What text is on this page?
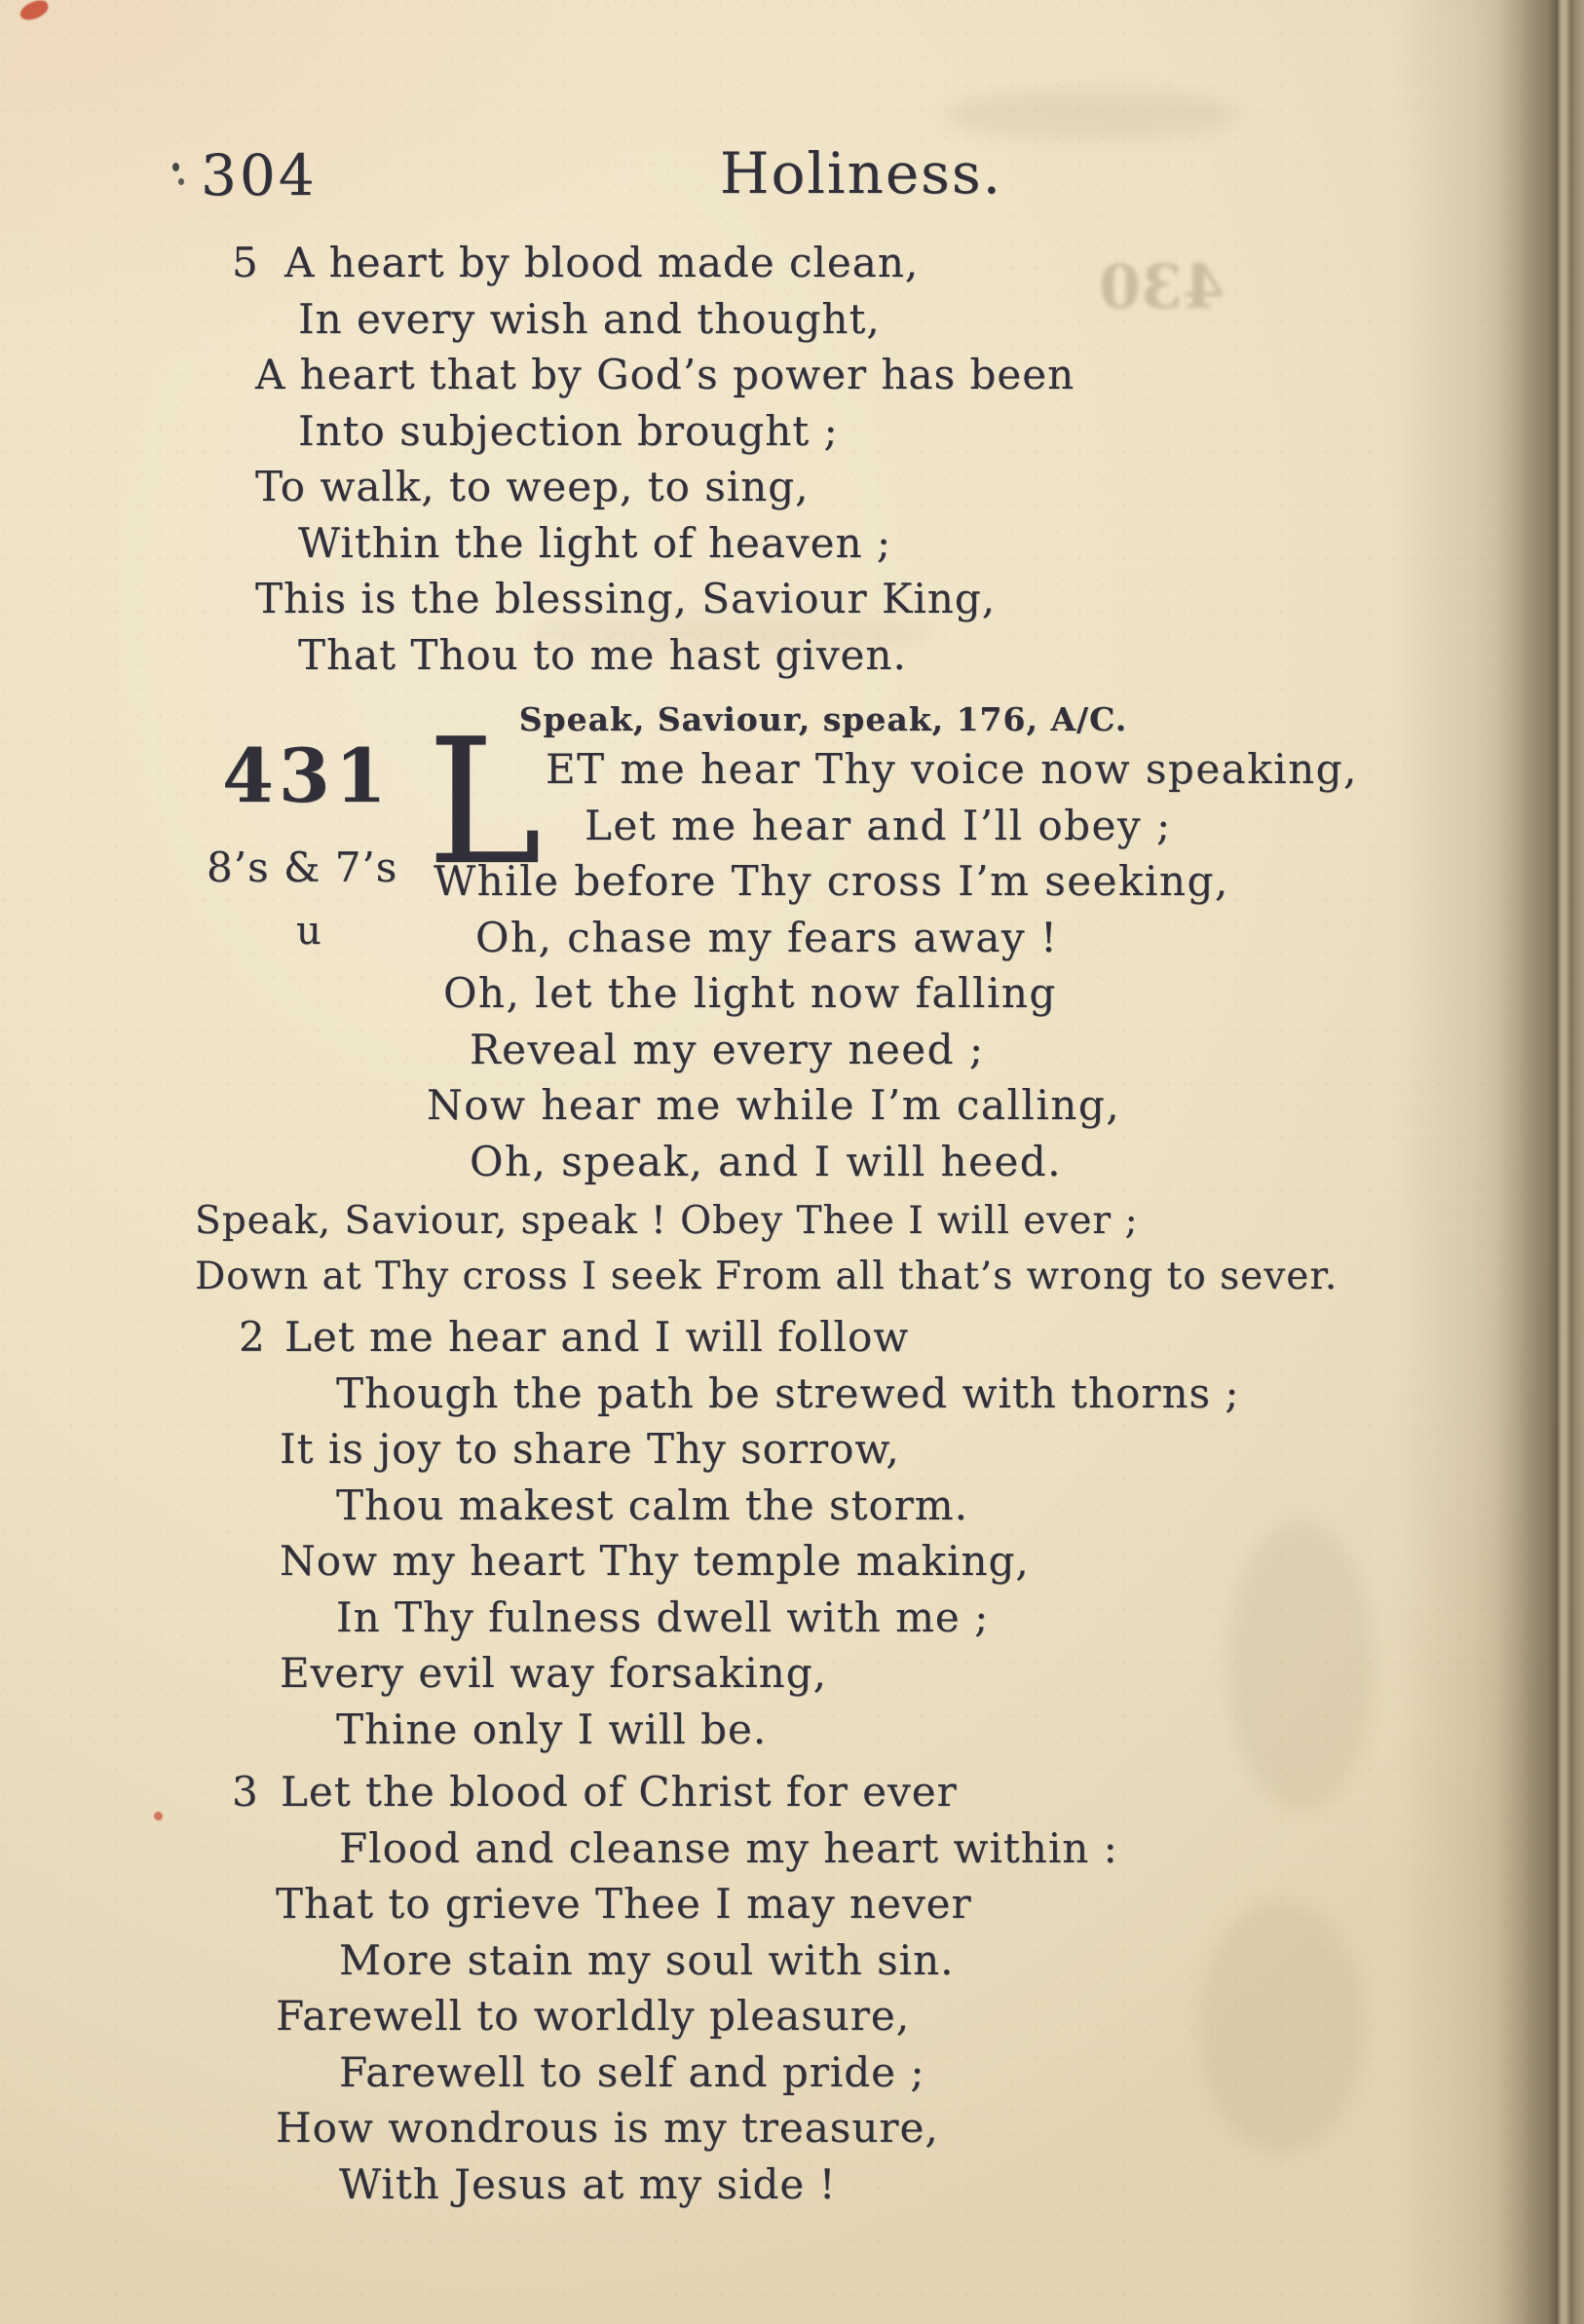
430
304	Holiness.
5 A heart by blood made clean,
In every wish and thought,
A heart that by God’s power has been
Into subjection brought ;
To walk, to weep, to sing,
Within the light of heaven ;
This is the blessing, Saviour King,
That Thou to me hast given.
Speak, Saviour, speak, 176, A/C.
431 L
8’s & 7’s
u
ET me hear Thy voice now speaking,
Let me hear and I’ll obey ;
While before Thy cross I’m seeking,
Oh, chase my fears away !
Oh, let the light now falling
Reveal my every need ;
Now hear me while I’m calling,
Oh, speak, and I will heed.
Speak, Saviour, speak ! Obey Thee I will ever ;
Down at Thy cross I seek From all that’s wrong to sever.
2 Let me hear and I will follow
Though the path be strewed with thorns ;
It is joy to share Thy sorrow,
Thou makest calm the storm.
Now my heart Thy temple making,
In Thy fulness dwell with me ;
Every evil way forsaking,
Thine only I will be.
3 Let the blood of Christ for ever
Flood and cleanse my heart within :
That to grieve Thee I may never
More stain my soul with sin.
Farewell to worldly pleasure,
Farewell to self and pride ;
How wondrous is my treasure,
With Jesus at my side !
